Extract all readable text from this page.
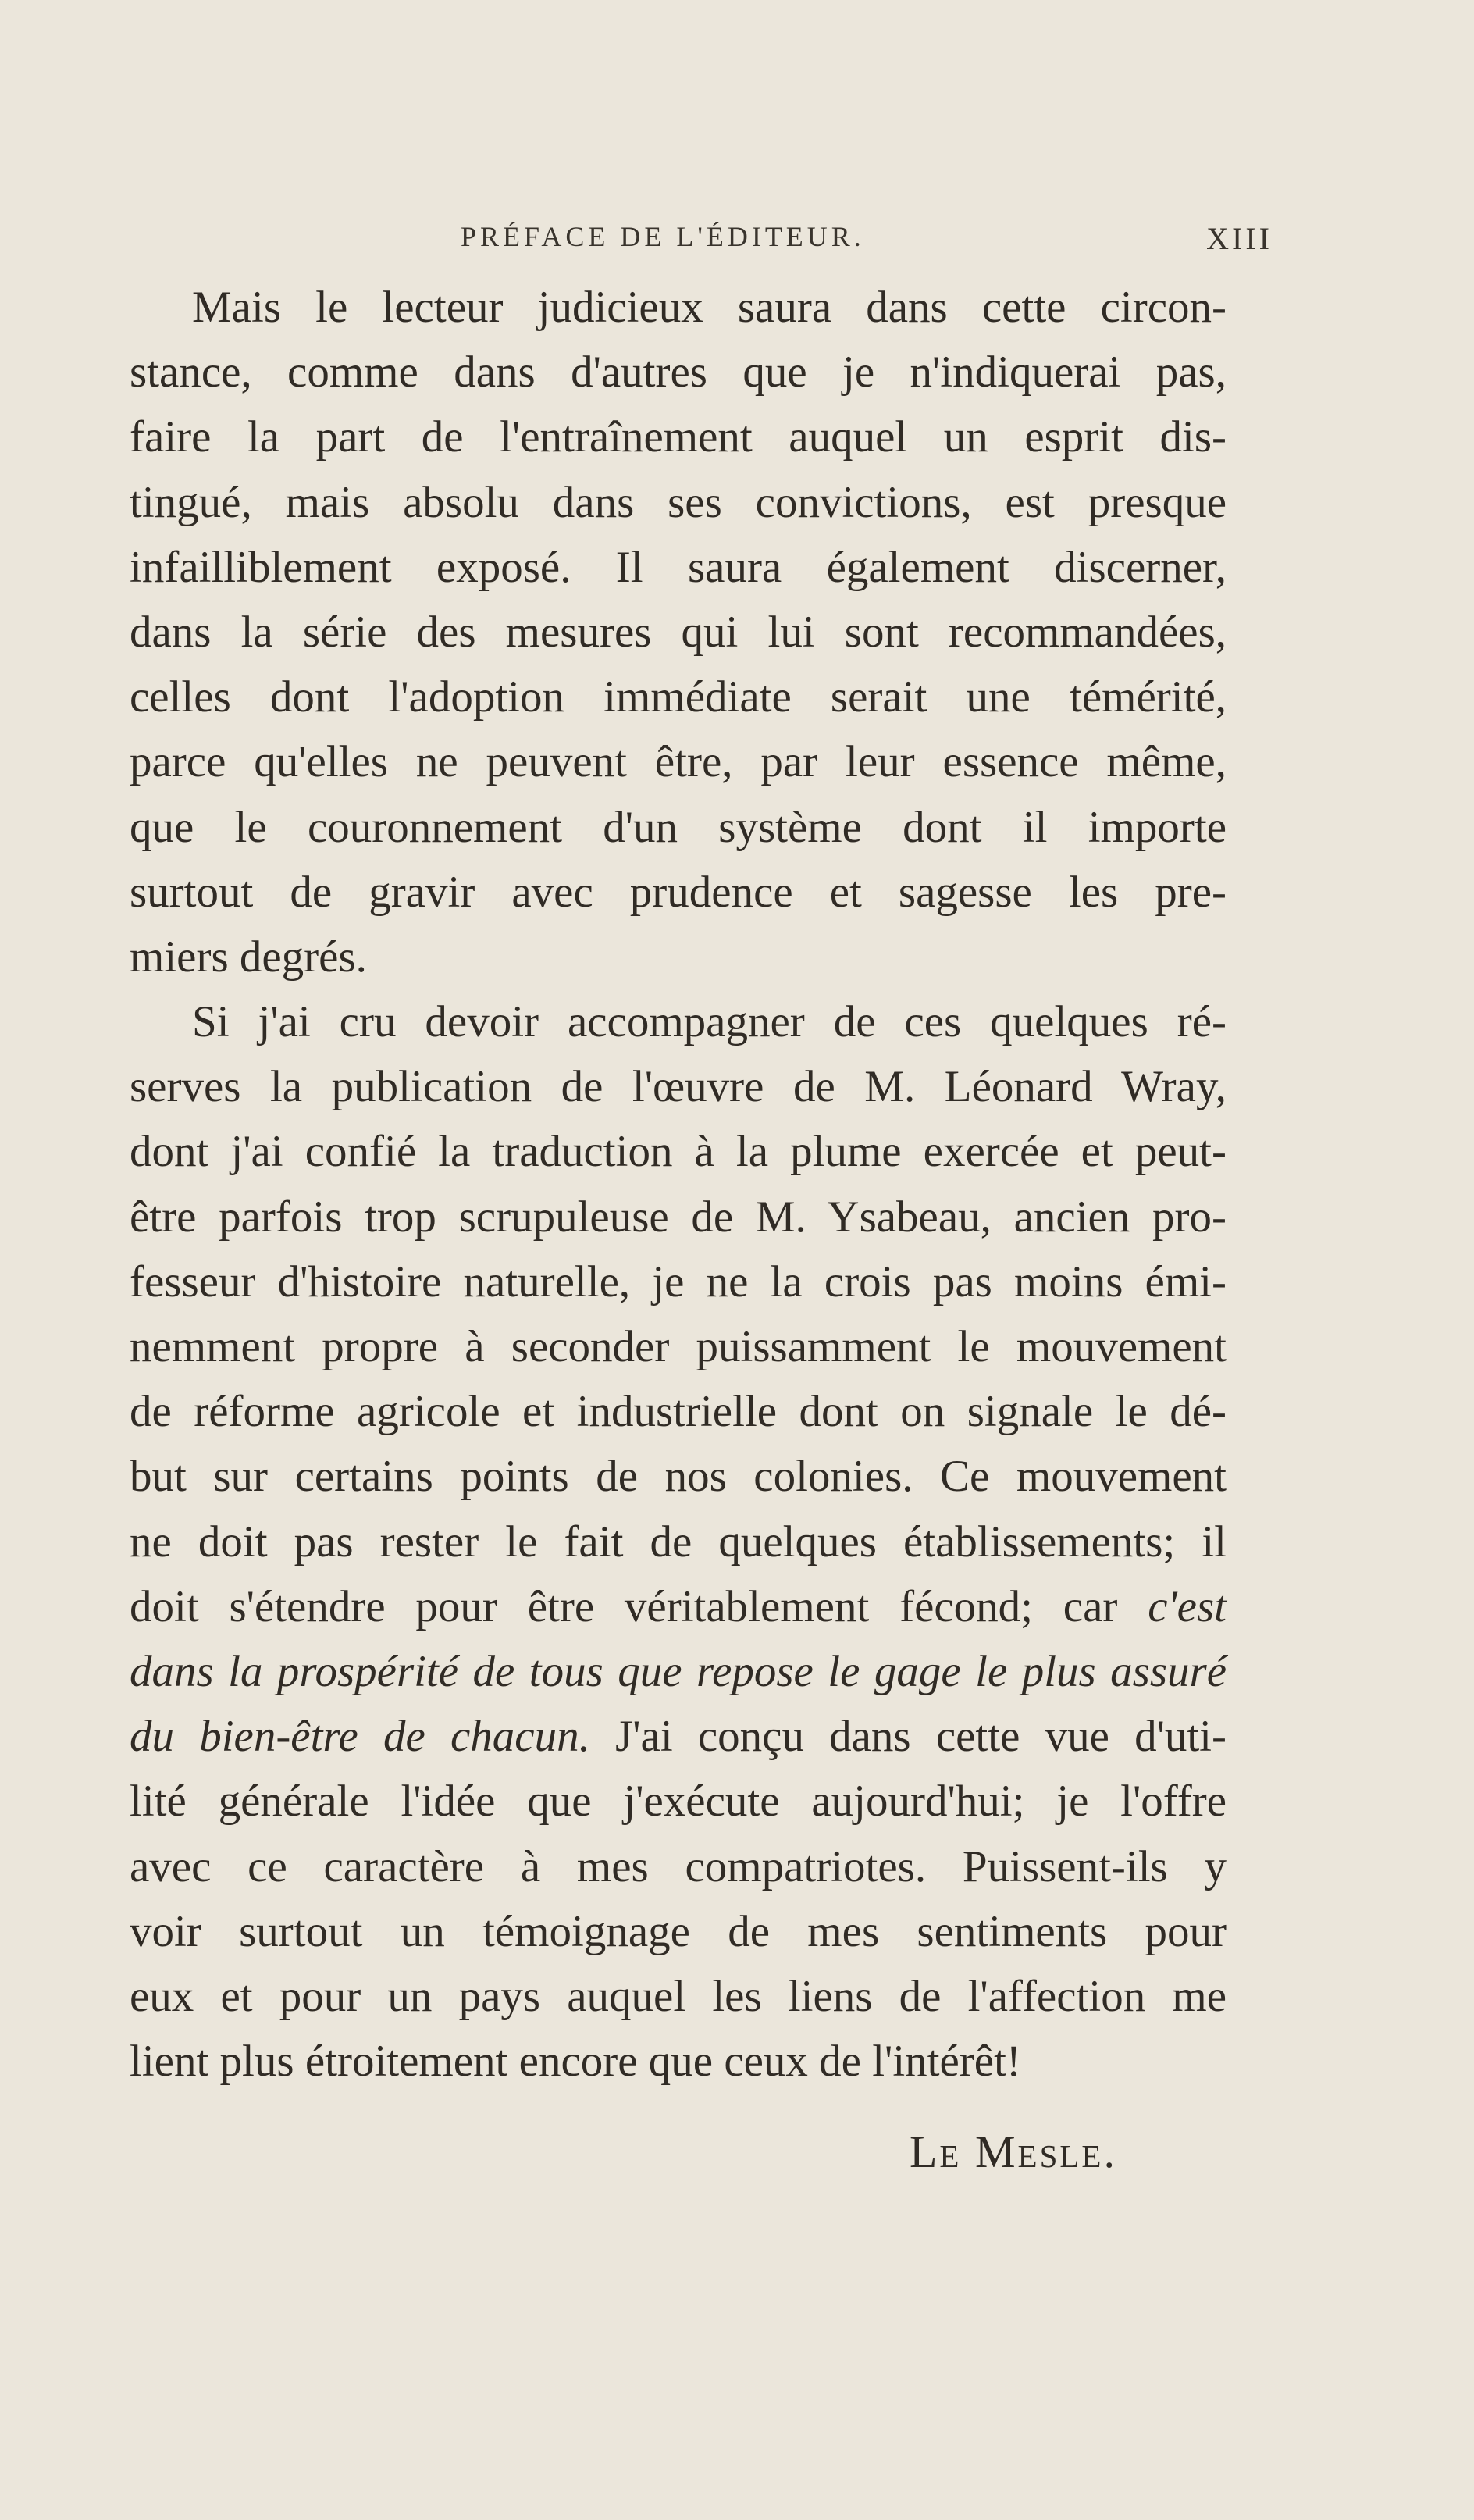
PRÉFACE DE L'ÉDITEUR.	XIII
Mais le lecteur judicieux saura dans cette circon-
stance, comme dans d'autres que je n'indiquerai pas,
faire la part de l'entraînement auquel un esprit dis-
tingué, mais absolu dans ses convictions, est presque
infailliblement exposé. Il saura également discerner,
dans la série des mesures qui lui sont recommandées,
celles dont l'adoption immédiate serait une témérité,
parce qu'elles ne peuvent être, par leur essence même,
que le couronnement d'un système dont il importe
surtout de gravir avec prudence et sagesse les pre-
miers degrés.
Si j'ai cru devoir accompagner de ces quelques ré-
serves la publication de l'œuvre de M. Léonard Wray,
dont j'ai confié la traduction à la plume exercée et peut-
être parfois trop scrupuleuse de M. Ysabeau, ancien pro-
fesseur d'histoire naturelle, je ne la crois pas moins émi-
nemment propre à seconder puissamment le mouvement
de réforme agricole et industrielle dont on signale le dé-
but sur certains points de nos colonies. Ce mouvement
ne doit pas rester le fait de quelques établissements; il
doit s'étendre pour être véritablement fécond; car c'est
dans la prospérité de tous que repose le gage le plus assuré
du bien-être de chacun. J'ai conçu dans cette vue d'uti-
lité générale l'idée que j'exécute aujourd'hui; je l'offre
avec ce caractère à mes compatriotes. Puissent-ils y
voir surtout un témoignage de mes sentiments pour
eux et pour un pays auquel les liens de l'affection me
lient plus étroitement encore que ceux de l'intérêt!
Le Mesle.
